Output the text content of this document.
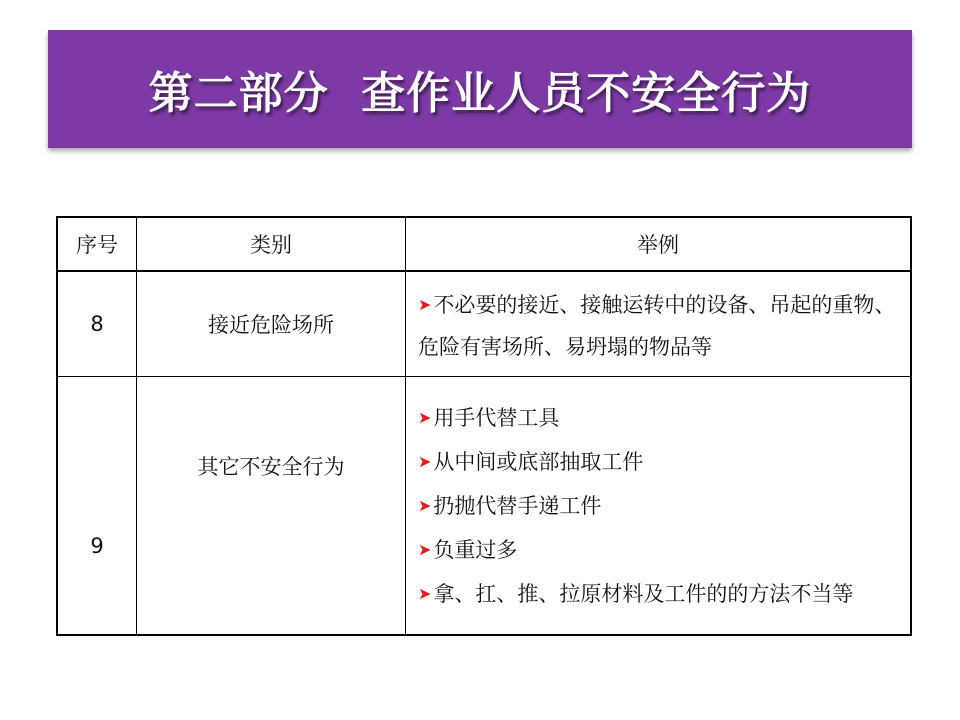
第二部分  查作业人员不安全行为
序号	类别	举例
8	接近危险场所	➤不必要的接近、接触运转中的设备、吊起的重物、危险有害场所、易坍塌的物品等
9	其它不安全行为	➤用手代替工具
➤从中间或底部抽取工件
➤扔抛代替手递工件
➤负重过多
➤拿、扛、推、拉原材料及工件的的方法不当等
